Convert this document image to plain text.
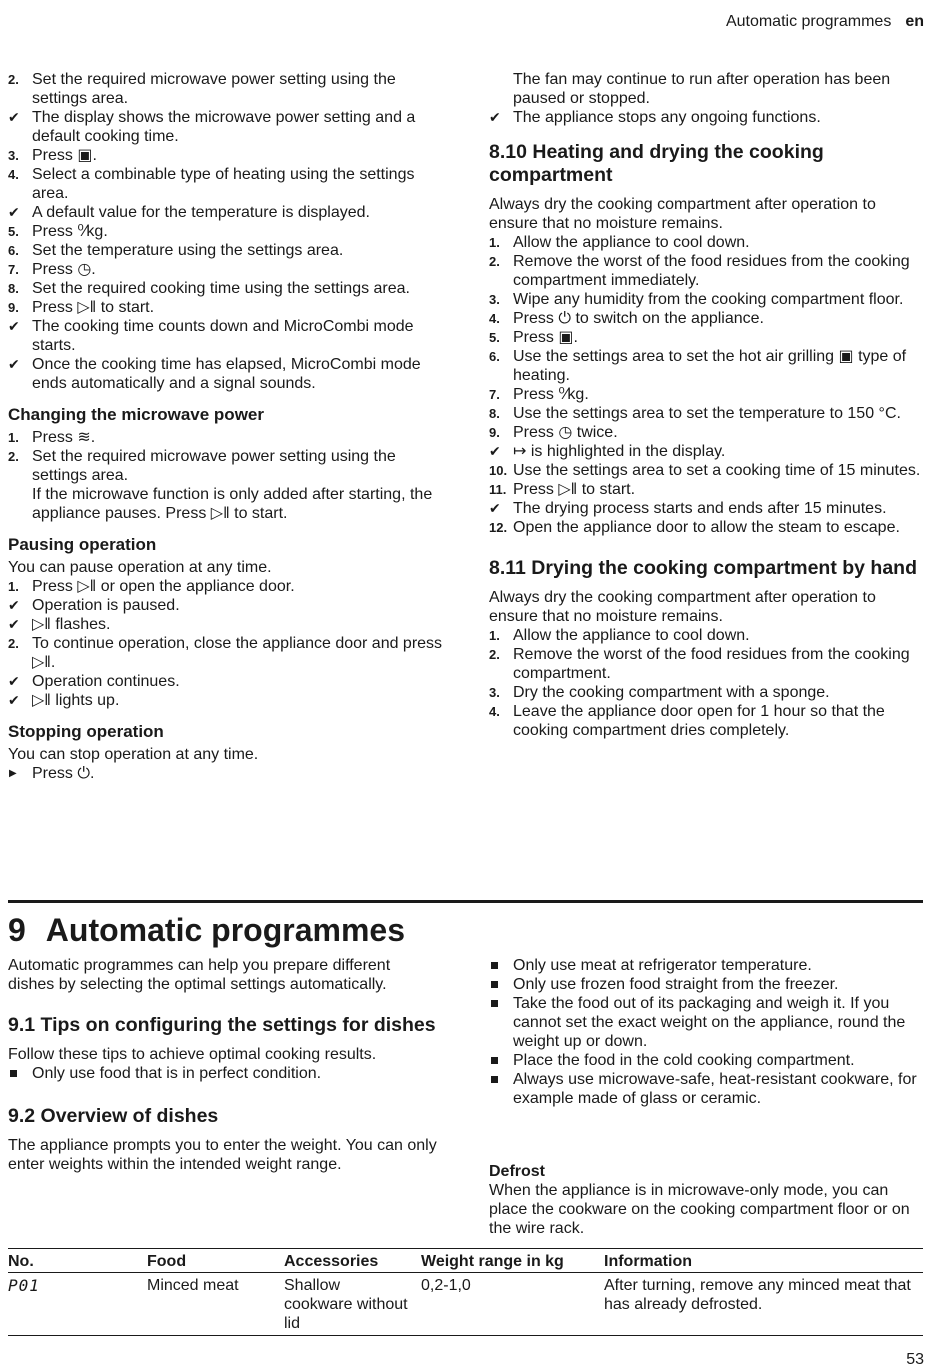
Automatic programmes en
2. Set the required microwave power setting using the settings area.
✔ The display shows the microwave power setting and a default cooking time.
3. Press ▣.
4. Select a combinable type of heating using the settings area.
✔ A default value for the temperature is displayed.
5. Press ⁰⁄kg.
6. Set the temperature using the settings area.
7. Press ◷.
8. Set the required cooking time using the settings area.
9. Press ▷ǁ to start.
✔ The cooking time counts down and MicroCombi mode starts.
✔ Once the cooking time has elapsed, MicroCombi mode ends automatically and a signal sounds.
Changing the microwave power
1. Press ≋.
2. Set the required microwave power setting using the settings area.

If the microwave function is only added after starting, the appliance pauses. Press ▷ǁ to start.

Pausing operation

You can pause operation at any time.

1. Press ▷ǁ or open the appliance door.
✔ Operation is paused.
✔ ▷ǁ flashes.
2. To continue operation, close the appliance door and press ▷ǁ.
✔ Operation continues.
✔ ▷ǁ lights up.
Stopping operation

You can stop operation at any time.

▶ Press ⏻.

The fan may continue to run after operation has been paused or stopped.

✔ The appliance stops any ongoing functions.
8.10 Heating and drying the cooking compartment

Always dry the cooking compartment after operation to ensure that no moisture remains.

1. Allow the appliance to cool down.
2. Remove the worst of the food residues from the cooking compartment immediately.
3. Wipe any humidity from the cooking compartment floor.
4. Press ⏻ to switch on the appliance.
5. Press ▣.
6. Use the settings area to set the hot air grilling ▣ type of heating.
7. Press ⁰⁄kg.
8. Use the settings area to set the temperature to 150 °C.
9. Press ◷ twice.
✔ ↦ is highlighted in the display.
10. Use the settings area to set a cooking time of 15 minutes.
11. Press ▷ǁ to start.
✔ The drying process starts and ends after 15 minutes.
12. Open the appliance door to allow the steam to escape.
8.11 Drying the cooking compartment by hand

Always dry the cooking compartment after operation to ensure that no moisture remains.

1. Allow the appliance to cool down.
2. Remove the worst of the food residues from the cooking compartment.
3. Dry the cooking compartment with a sponge.
4. Leave the appliance door open for 1 hour so that the cooking compartment dries completely.
9 Automatic programmes

Automatic programmes can help you prepare different dishes by selecting the optimal settings automatically.

9.1 Tips on configuring the settings for dishes

Follow these tips to achieve optimal cooking results.

Only use food that is in perfect condition.
9.2 Overview of dishes

The appliance prompts you to enter the weight. You can only enter weights within the intended weight range.

Only use meat at refrigerator temperature.
Only use frozen food straight from the freezer.
Take the food out of its packaging and weigh it. If you cannot set the exact weight on the appliance, round the weight up or down.
Place the food in the cold cooking compartment.
Always use microwave-safe, heat-resistant cookware, for example made of glass or ceramic.
Defrost

When the appliance is in microwave-only mode, you can place the cookware on the cooking compartment floor or on the wire rack.

No.	Food	Accessories	Weight range in kg	Information
P01	Minced meat	Shallow cookware without lid	0,2-1,0	After turning, remove any minced meat that has already defrosted.
53
